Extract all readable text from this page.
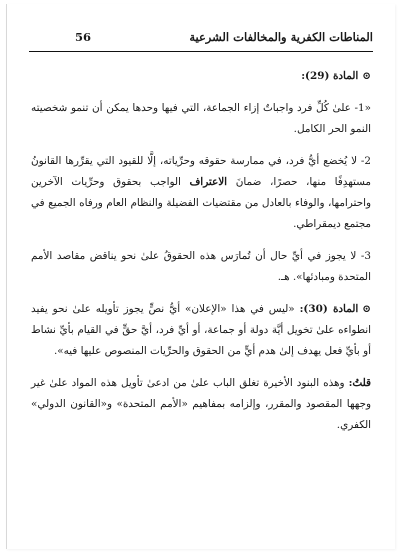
المناطات الكفرية والمخالفات الشرعية
56

⊙المادة (29):

«1- علىٰ كُلِّ فرد واجباتٌ إزاء الجماعة، التي فيها وحدها يمكن أن تنمو شخصيته النمو الحر الكامل.

2- لا يُخضع أيُّ فرد، في ممارسة حقوقه وحرِّياته، إلَّا للقيود التي يقرِّرها القانونُ مستهدِفًا منها، حصرًا، ضمانَ الاعتراف الواجب بحقوق وحرِّيات الآخرين واحترامها، والوفاء بالعادل من مقتضيات الفضيلة والنظام العام ورفاه الجميع في مجتمع ديمقراطي.

3- لا يجوز في أيِّ حال أن تُمارَس هذه الحقوقُ علىٰ نحو يناقض مقاصد الأمم المتحدة ومبادئها». هـ.

⊙المادة (30): «ليس في هذا «الإعلان» أيُّ نصٍّ يجوز تأويله علىٰ نحو يفيد انطواءه علىٰ تخويل أيَّة دولة أو جماعة، أو أيِّ فرد، أيَّ حقٍّ في القيام بأيِّ نشاط أو بأيِّ فعل يهدف إلىٰ هدم أيٍّ من الحقوق والحرِّيات المنصوص عليها فيه».

قلتُ: وهذه البنود الأخيرة تغلق الباب علىٰ من ادعىٰ تأويل هذه المواد علىٰ غير وجهها المقصود والمقرر، وإلزامه بمفاهيم «الأمم المتحدة» و«القانون الدولي» الكفري.
